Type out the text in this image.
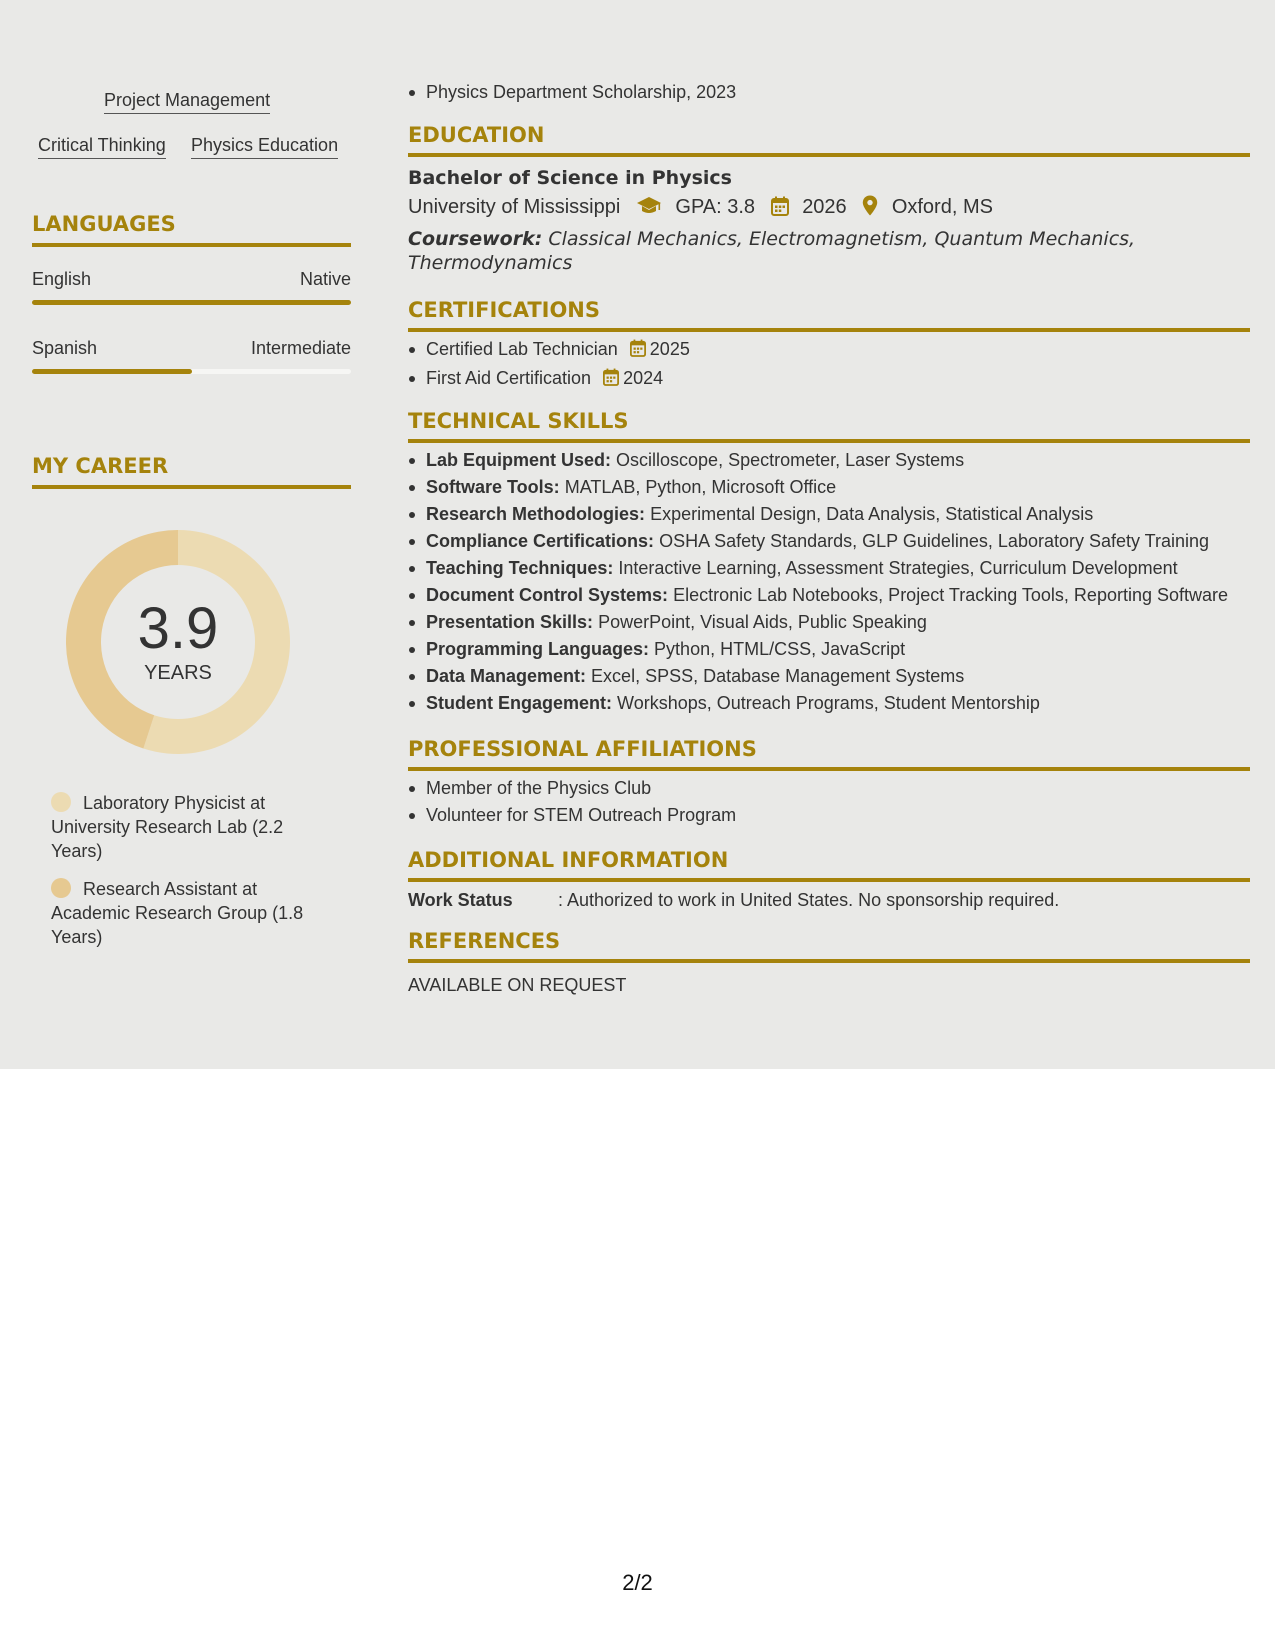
Project Management
Critical Thinking Physics Education
LANGUAGES
English	Native
Spanish	Intermediate
MY CAREER
3.9
YEARS
Laboratory Physicist at University Research Lab (2.2 Years)
Research Assistant at Academic Research Group (1.8 Years)
Physics Department Scholarship, 2023
EDUCATION
Bachelor of Science in Physics
University of Mississippi	GPA: 3.8 2026 Oxford, MS
Coursework: Classical Mechanics, Electromagnetism, Quantum Mechanics, Thermodynamics
CERTIFICATIONS
Certified Lab Technician 2025
First Aid Certification 2024
TECHNICAL SKILLS
Lab Equipment Used: Oscilloscope, Spectrometer, Laser Systems
Software Tools: MATLAB, Python, Microsoft Office
Research Methodologies: Experimental Design, Data Analysis, Statistical Analysis
Compliance Certifications: OSHA Safety Standards, GLP Guidelines, Laboratory Safety Training
Teaching Techniques: Interactive Learning, Assessment Strategies, Curriculum Development
Document Control Systems: Electronic Lab Notebooks, Project Tracking Tools, Reporting Software
Presentation Skills: PowerPoint, Visual Aids, Public Speaking
Programming Languages: Python, HTML/CSS, JavaScript
Data Management: Excel, SPSS, Database Management Systems
Student Engagement: Workshops, Outreach Programs, Student Mentorship
PROFESSIONAL AFFILIATIONS
Member of the Physics Club
Volunteer for STEM Outreach Program
ADDITIONAL INFORMATION
Work Status	: Authorized to work in United States. No sponsorship required.
REFERENCES
AVAILABLE ON REQUEST
2/2
